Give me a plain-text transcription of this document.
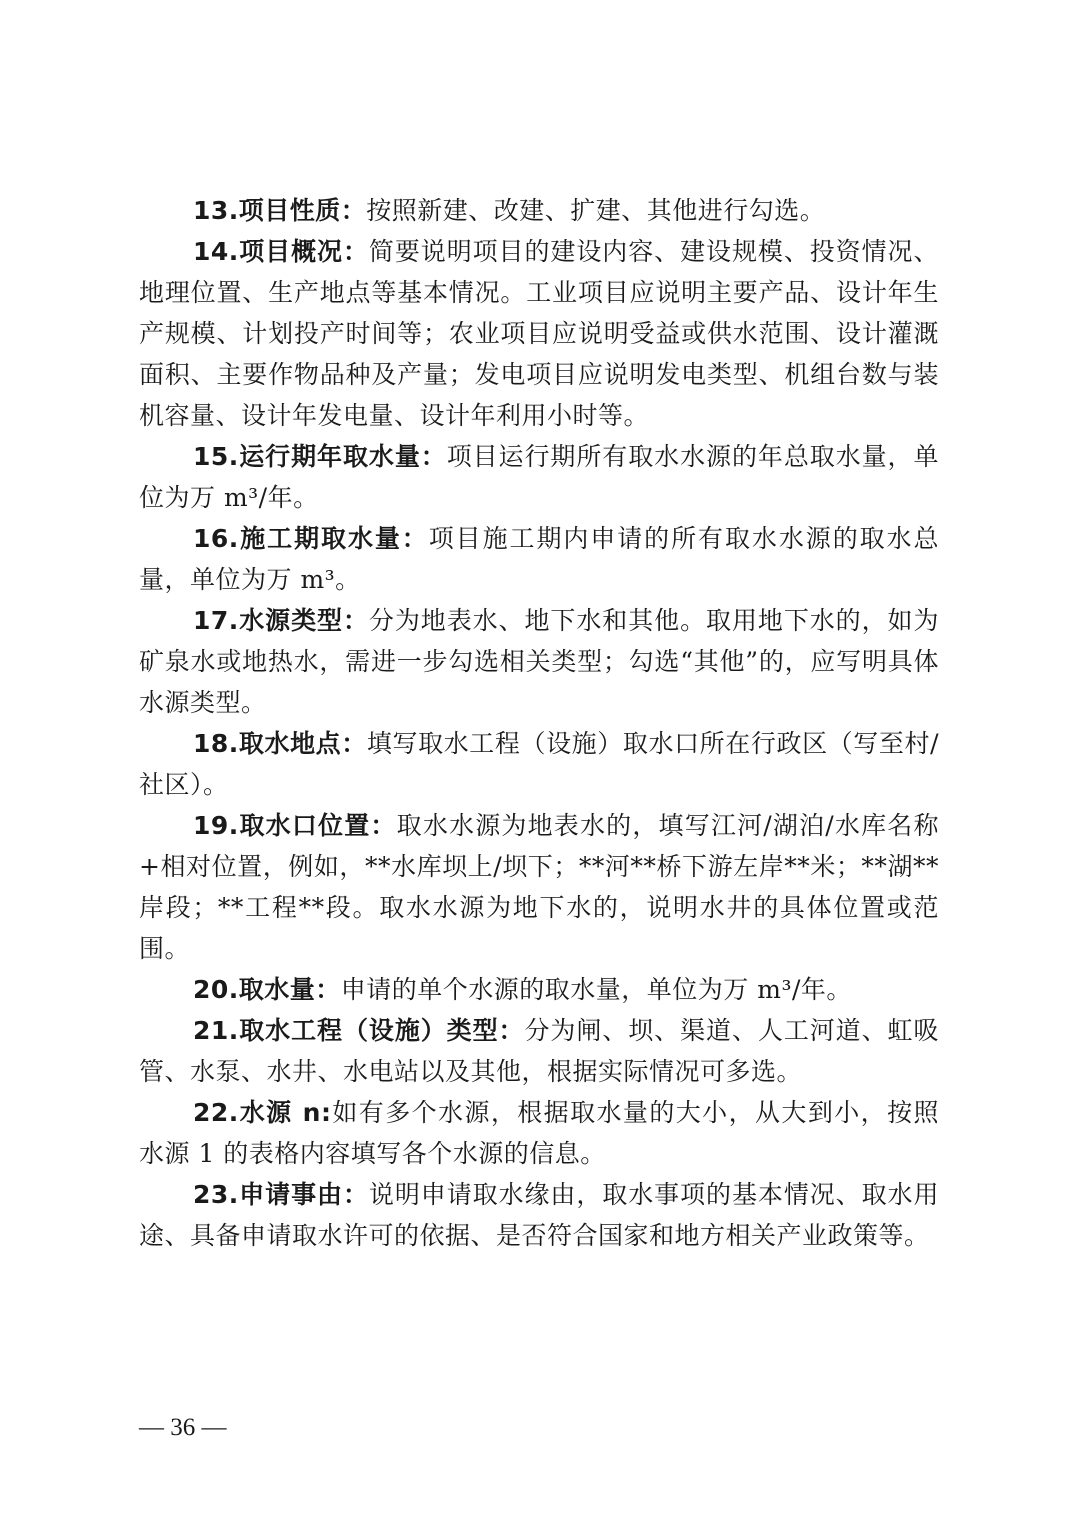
13.项目性质：按照新建、改建、扩建、其他进行勾选。

14.项目概况：简要说明项目的建设内容、建设规模、投资情况、地理位置、生产地点等基本情况。工业项目应说明主要产品、设计年生产规模、计划投产时间等；农业项目应说明受益或供水范围、设计灌溉面积、主要作物品种及产量；发电项目应说明发电类型、机组台数与装机容量、设计年发电量、设计年利用小时等。

15.运行期年取水量：项目运行期所有取水水源的年总取水量，单位为万 m³/年。

16.施工期取水量：项目施工期内申请的所有取水水源的取水总量，单位为万 m³。

17.水源类型：分为地表水、地下水和其他。取用地下水的，如为矿泉水或地热水，需进一步勾选相关类型；勾选“其他”的，应写明具体水源类型。

18.取水地点：填写取水工程（设施）取水口所在行政区（写至村/社区）。

19.取水口位置：取水水源为地表水的，填写江河/湖泊/水库名称+相对位置，例如，**水库坝上/坝下；**河**桥下游左岸**米；**湖**岸段；**工程**段。取水水源为地下水的，说明水井的具体位置或范围。

20.取水量：申请的单个水源的取水量，单位为万 m³/年。

21.取水工程（设施）类型：分为闸、坝、渠道、人工河道、虹吸管、水泵、水井、水电站以及其他，根据实际情况可多选。

22.水源 n:如有多个水源，根据取水量的大小，从大到小，按照水源 1 的表格内容填写各个水源的信息。

23.申请事由：说明申请取水缘由，取水事项的基本情况、取水用途、具备申请取水许可的依据、是否符合国家和地方相关产业政策等。

— 36 —
